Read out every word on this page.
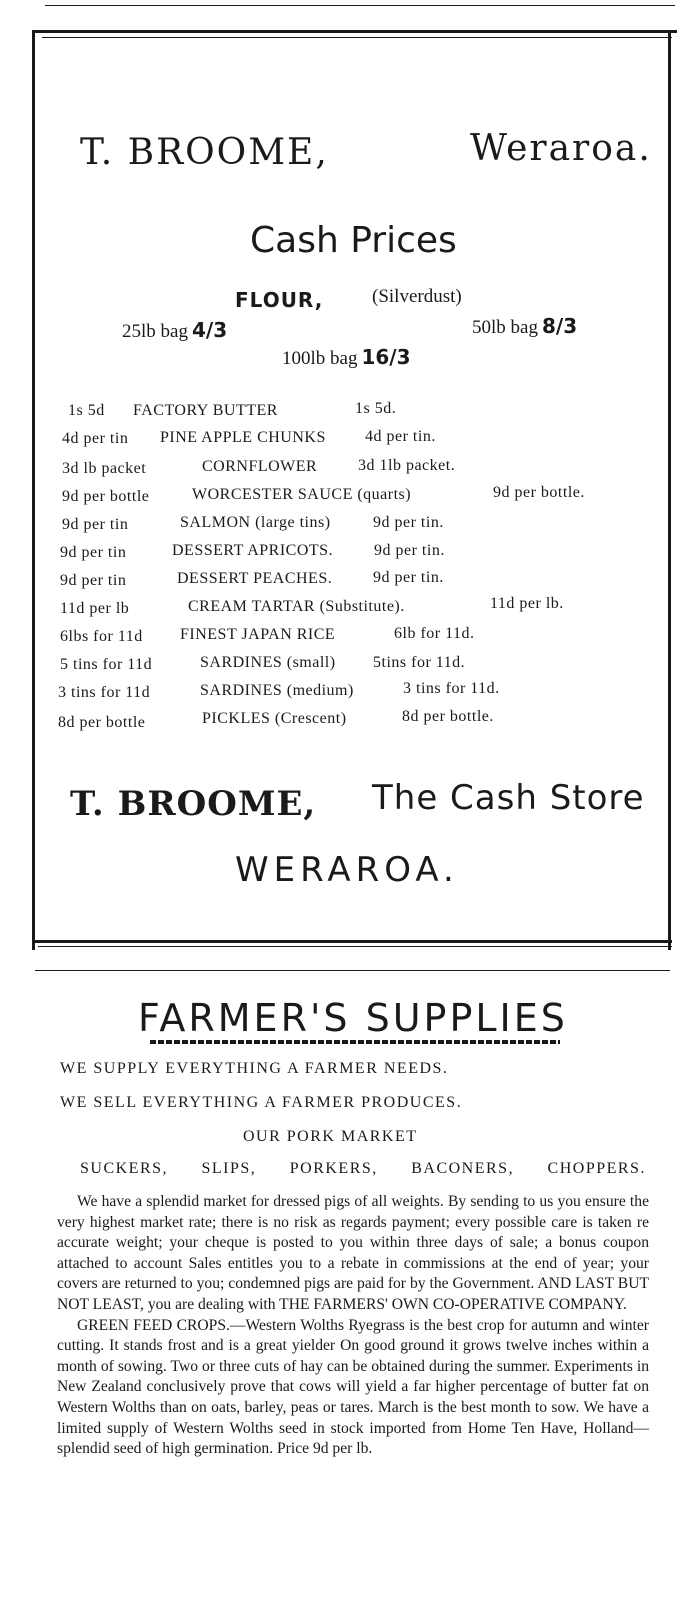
T. BROOME,	Weraroa.
Cash Prices
FLOUR,	(Silverdust)
25lb bag 4/3	50lb bag 8/3
100lb bag 16/3
1s 5d FACTORY BUTTER	1s 5d.
4d per tin PINE APPLE CHUNKS 4d per tin.
3d lb packet	CORNFLOWER	3d 1lb packet.
9d per bottle	WORCESTER SAUCE (quarts)	9d per bottle.
9d per tin	SALMON (large tins)	9d per tin.
9d per tin	DESSERT APRICOTS.	9d per tin.
9d per tin	DESSERT PEACHES.	9d per tin.
11d per lb	CREAM TARTAR (Substitute).	11d per lb.
6lbs for 11d FINEST JAPAN RICE	6lb for 11d.
5 tins for 11d	SARDINES (small) 5tins for 11d.
3 tins for 11d	SARDINES (medium)	3 tins for 11d.
8d per bottle	PICKLES (Crescent)	8d per bottle.
T. BROOME, The Cash Store
WERAROA.
FARMER'S SUPPLIES
WE SUPPLY EVERYTHING A FARMER NEEDS.
WE SELL EVERYTHING A FARMER PRODUCES.
OUR PORK MARKET
SUCKERS, SLIPS, PORKERS, BACONERS, CHOPPERS.

We have a splendid market for dressed pigs of all weights. By sending to us you ensure the very highest market rate; there is no risk as regards payment; every possible care is taken re accurate weight; your cheque is posted to you within three days of sale; a bonus coupon attached to account Sales entitles you to a rebate in commissions at the end of year; your covers are returned to you; condemned pigs are paid for by the Government. AND LAST BUT NOT LEAST, you are dealing with THE FARMERS' OWN CO-OPERATIVE COMPANY.

GREEN FEED CROPS.—Western Wolths Ryegrass is the best crop for autumn and winter cutting. It stands frost and is a great yielder On good ground it grows twelve inches within a month of sowing. Two or three cuts of hay can be obtained during the summer. Experiments in New Zealand conclusively prove that cows will yield a far higher percentage of butter fat on Western Wolths than on oats, barley, peas or tares. March is the best month to sow. We have a limited supply of Western Wolths seed in stock imported from Home Ten Have, Holland—splendid seed of high germination. Price 9d per lb.
